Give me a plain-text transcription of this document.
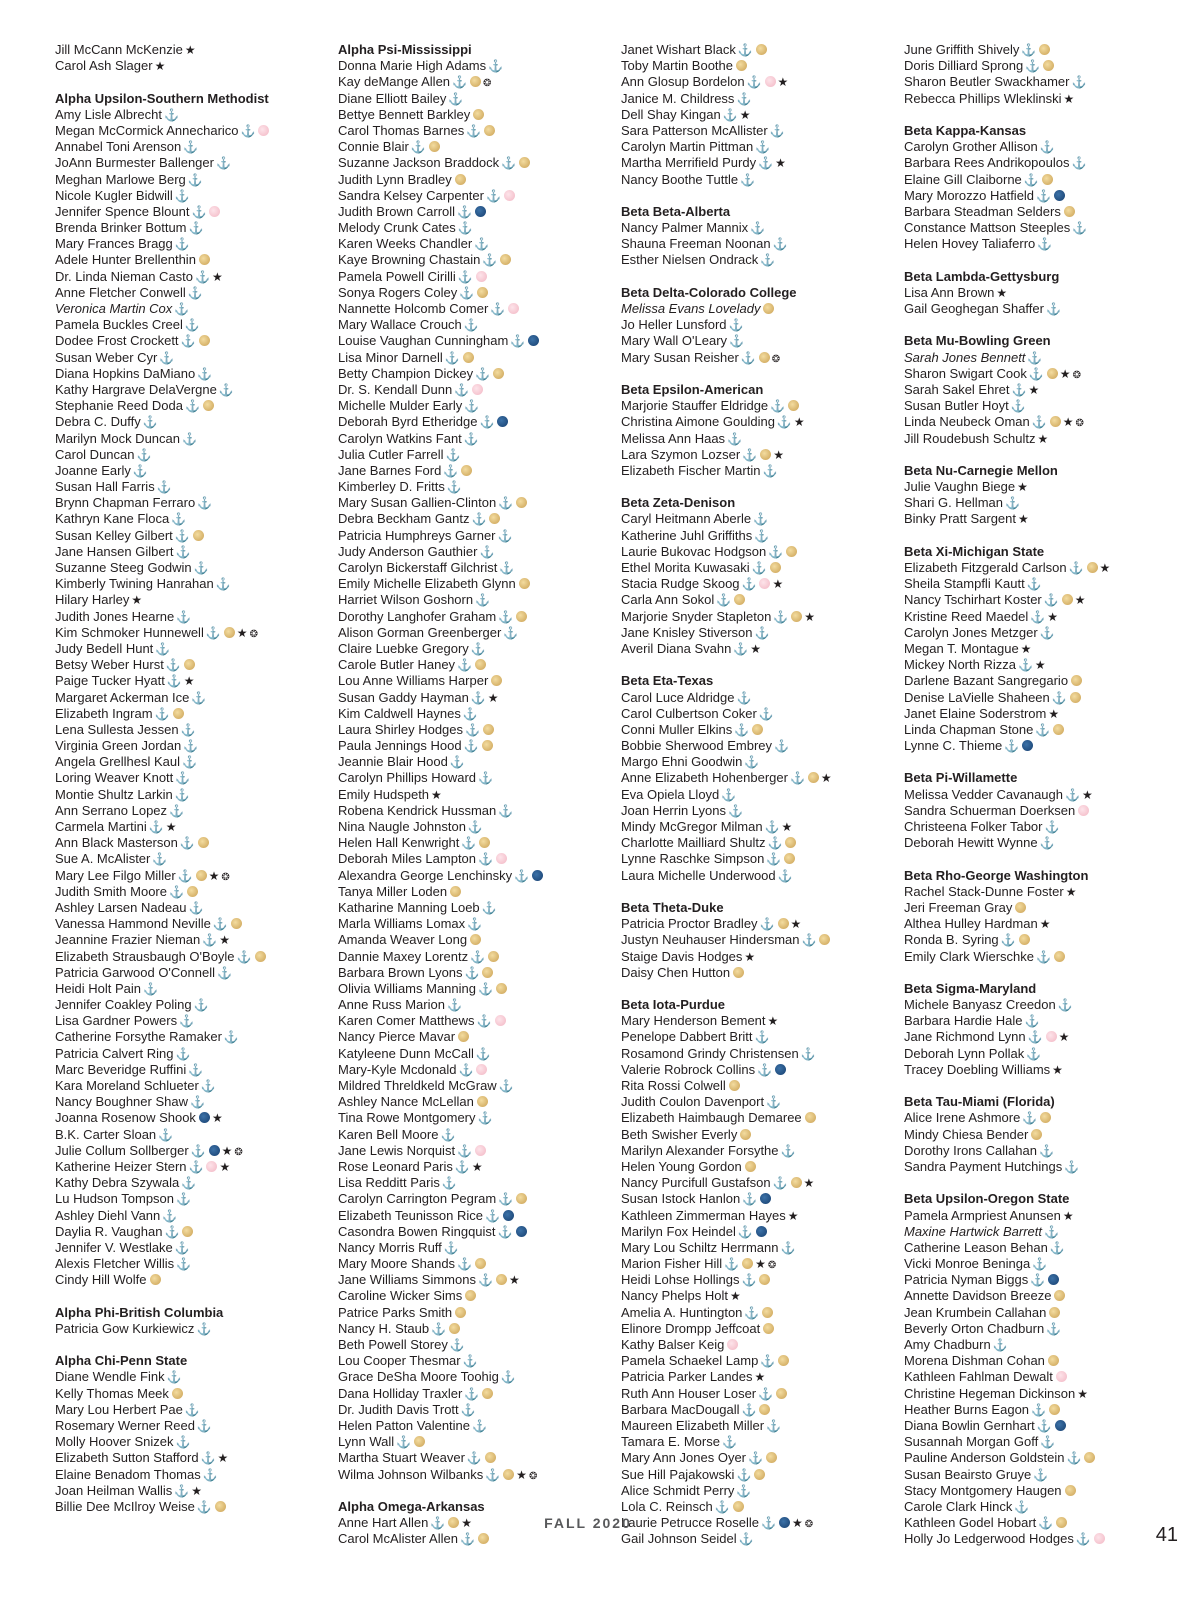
Jill McCann McKenzie ★
Carol Ash Slager ★
Alpha Upsilon-Southern Methodist
Amy Lisle Albrecht ⚓
Megan McCormick Annecharico ⚓
Annabel Toni Arenson ⚓
JoAnn Burmester Ballenger ⚓
Meghan Marlowe Berg ⚓
Nicole Kugler Bidwill ⚓
Jennifer Spence Blount ⚓
Brenda Brinker Bottum ⚓
Mary Frances Bragg ⚓
Adele Hunter Brellenthin
Dr. Linda Nieman Casto ⚓ ★
Anne Fletcher Conwell ⚓
Veronica Martin Cox ⚓
Pamela Buckles Creel ⚓
Dodee Frost Crockett ⚓
Susan Weber Cyr ⚓
Diana Hopkins DaMiano ⚓
Kathy Hargrave DelaVergne ⚓
Stephanie Reed Doda ⚓
Debra C. Duffy ⚓
Marilyn Mock Duncan ⚓
Carol Duncan ⚓
Joanne Early ⚓
Susan Hall Farris ⚓
Brynn Chapman Ferraro ⚓
Kathryn Kane Floca ⚓
Susan Kelley Gilbert ⚓
Jane Hansen Gilbert ⚓
Suzanne Steeg Godwin ⚓
Kimberly Twining Hanrahan ⚓
Hilary Harley ★
Judith Jones Hearne ⚓
Kim Schmoker Hunnewell ⚓ ★ ❂
Judy Bedell Hunt ⚓
Betsy Weber Hurst ⚓
Paige Tucker Hyatt ⚓ ★
Margaret Ackerman Ice ⚓
Elizabeth Ingram ⚓
Lena Sullesta Jessen ⚓
Virginia Green Jordan ⚓
Angela Grellhesl Kaul ⚓
Loring Weaver Knott ⚓
Montie Shultz Larkin ⚓
Ann Serrano Lopez ⚓
Carmela Martini ⚓ ★
Ann Black Masterson ⚓
Sue A. McAlister ⚓
Mary Lee Filgo Miller ⚓ ★ ❂
Judith Smith Moore ⚓
Ashley Larsen Nadeau ⚓
Vanessa Hammond Neville ⚓
Jeannine Frazier Nieman ⚓ ★
Elizabeth Strausbaugh O'Boyle ⚓
Patricia Garwood O'Connell ⚓
Heidi Holt Pain ⚓
Jennifer Coakley Poling ⚓
Lisa Gardner Powers ⚓
Catherine Forsythe Ramaker ⚓
Patricia Calvert Ring ⚓
Marc Beveridge Ruffini ⚓
Kara Moreland Schlueter ⚓
Nancy Boughner Shaw ⚓
Joanna Rosenow Shook ★
B.K. Carter Sloan ⚓
Julie Collum Sollberger ⚓ ★ ❂
Katherine Heizer Stern ⚓ ★
Kathy Debra Szywala ⚓
Lu Hudson Tompson ⚓
Ashley Diehl Vann ⚓
Daylia R. Vaughan ⚓
Jennifer V. Westlake ⚓
Alexis Fletcher Willis ⚓
Cindy Hill Wolfe
Alpha Phi-British Columbia
Patricia Gow Kurkiewicz ⚓
Alpha Chi-Penn State
Diane Wendle Fink ⚓
Kelly Thomas Meek
Mary Lou Herbert Pae ⚓
Rosemary Werner Reed ⚓
Molly Hoover Snizek ⚓
Elizabeth Sutton Stafford ⚓ ★
Elaine Benadom Thomas ⚓
Joan Heilman Wallis ⚓ ★
Billie Dee McIlroy Weise ⚓
Alpha Psi-Mississippi
Donna Marie High Adams ⚓
Kay deMange Allen ⚓ ❂
Diane Elliott Bailey ⚓
Bettye Bennett Barkley
Carol Thomas Barnes ⚓
Connie Blair ⚓
Suzanne Jackson Braddock ⚓
Judith Lynn Bradley
Sandra Kelsey Carpenter ⚓
Judith Brown Carroll ⚓
Melody Crunk Cates ⚓
Karen Weeks Chandler ⚓
Kaye Browning Chastain ⚓
Pamela Powell Cirilli ⚓
Sonya Rogers Coley ⚓
Nannette Holcomb Comer ⚓
Mary Wallace Crouch ⚓
Louise Vaughan Cunningham ⚓
Lisa Minor Darnell ⚓
Betty Champion Dickey ⚓
Dr. S. Kendall Dunn ⚓
Michelle Mulder Early ⚓
Deborah Byrd Etheridge ⚓
Carolyn Watkins Fant ⚓
Julia Cutler Farrell ⚓
Jane Barnes Ford ⚓
Kimberley D. Fritts ⚓
Mary Susan Gallien-Clinton ⚓
Debra Beckham Gantz ⚓
Patricia Humphreys Garner ⚓
Judy Anderson Gauthier ⚓
Carolyn Bickerstaff Gilchrist ⚓
Emily Michelle Elizabeth Glynn
Harriet Wilson Goshorn ⚓
Dorothy Langhofer Graham ⚓
Alison Gorman Greenberger ⚓
Claire Luebke Gregory ⚓
Carole Butler Haney ⚓
Lou Anne Williams Harper
Susan Gaddy Hayman ⚓ ★
Kim Caldwell Haynes ⚓
Laura Shirley Hodges ⚓
Paula Jennings Hood ⚓
Jeannie Blair Hood ⚓
Carolyn Phillips Howard ⚓
Emily Hudspeth ★
Robena Kendrick Hussman ⚓
Nina Naugle Johnston ⚓
Helen Hall Kenwright ⚓
Deborah Miles Lampton ⚓
Alexandra George Lenchinsky ⚓
Tanya Miller Loden
Katharine Manning Loeb ⚓
Marla Williams Lomax ⚓
Amanda Weaver Long
Dannie Maxey Lorentz ⚓
Barbara Brown Lyons ⚓
Olivia Williams Manning ⚓
Anne Russ Marion ⚓
Karen Comer Matthews ⚓
Nancy Pierce Mavar
Katyleene Dunn McCall ⚓
Mary-Kyle Mcdonald ⚓
Mildred Threldkeld McGraw ⚓
Ashley Nance McLellan
Tina Rowe Montgomery ⚓
Karen Bell Moore ⚓
Jane Lewis Norquist ⚓
Rose Leonard Paris ⚓ ★
Lisa Redditt Paris ⚓
Carolyn Carrington Pegram ⚓
Elizabeth Teunisson Rice ⚓
Casondra Bowen Ringquist ⚓
Nancy Morris Ruff ⚓
Mary Moore Shands ⚓
Jane Williams Simmons ⚓ ★
Caroline Wicker Sims
Patrice Parks Smith
Nancy H. Staub ⚓
Beth Powell Storey ⚓
Lou Cooper Thesmar ⚓
Grace DeSha Moore Toohig ⚓
Dana Holliday Traxler ⚓
Dr. Judith Davis Trott ⚓
Helen Patton Valentine ⚓
Lynn Wall ⚓
Martha Stuart Weaver ⚓
Wilma Johnson Wilbanks ⚓ ★ ❂
Alpha Omega-Arkansas
Anne Hart Allen ⚓ ★
Carol McAlister Allen ⚓
Janet Wishart Black ⚓
Toby Martin Boothe
Ann Glosup Bordelon ⚓ ★
Janice M. Childress ⚓
Dell Shay Kingan ⚓ ★
Sara Patterson McAllister ⚓
Carolyn Martin Pittman ⚓
Martha Merrifield Purdy ⚓ ★
Nancy Boothe Tuttle ⚓
Beta Beta-Alberta
Nancy Palmer Mannix ⚓
Shauna Freeman Noonan ⚓
Esther Nielsen Ondrack ⚓
Beta Delta-Colorado College
Melissa Evans Lovelady
Jo Heller Lunsford ⚓
Mary Wall O'Leary ⚓
Mary Susan Reisher ⚓ ❂
Beta Epsilon-American
Marjorie Stauffer Eldridge ⚓
Christina Aimone Goulding ⚓ ★
Melissa Ann Haas ⚓
Lara Szymon Lozser ⚓ ★
Elizabeth Fischer Martin ⚓
Beta Zeta-Denison
Caryl Heitmann Aberle ⚓
Katherine Juhl Griffiths ⚓
Laurie Bukovac Hodgson ⚓
Ethel Morita Kuwasaki ⚓
Stacia Rudge Skoog ⚓ ★
Carla Ann Sokol ⚓
Marjorie Snyder Stapleton ⚓ ★
Jane Knisley Stiverson ⚓
Averil Diana Svahn ⚓ ★
Beta Eta-Texas
Carol Luce Aldridge ⚓
Carol Culbertson Coker ⚓
Conni Muller Elkins ⚓
Bobbie Sherwood Embrey ⚓
Margo Ehni Goodwin ⚓
Anne Elizabeth Hohenberger ⚓ ★
Eva Opiela Lloyd ⚓
Joan Herrin Lyons ⚓
Mindy McGregor Milman ⚓ ★
Charlotte Mailliard Shultz ⚓
Lynne Raschke Simpson ⚓
Laura Michelle Underwood ⚓
Beta Theta-Duke
Patricia Proctor Bradley ⚓ ★
Justyn Neuhauser Hindersman ⚓
Staige Davis Hodges ★
Daisy Chen Hutton
Beta Iota-Purdue
Mary Henderson Bement ★
Penelope Dabbert Britt ⚓
Rosamond Grindy Christensen ⚓
Valerie Robrock Collins ⚓
Rita Rossi Colwell
Judith Coulon Davenport ⚓
Elizabeth Haimbaugh Demaree
Beth Swisher Everly
Marilyn Alexander Forsythe ⚓
Helen Young Gordon
Nancy Purcifull Gustafson ⚓ ★
Susan Istock Hanlon ⚓
Kathleen Zimmerman Hayes ★
Marilyn Fox Heindel ⚓
Mary Lou Schiltz Herrmann ⚓
Marion Fisher Hill ⚓ ★ ❂
Heidi Lohse Hollings ⚓
Nancy Phelps Holt ★
Amelia A. Huntington ⚓
Elinore Drompp Jeffcoat
Kathy Balser Keig
Pamela Schaekel Lamp ⚓
Patricia Parker Landes ★
Ruth Ann Houser Loser ⚓
Barbara MacDougall ⚓
Maureen Elizabeth Miller ⚓
Tamara E. Morse ⚓
Mary Ann Jones Oyer ⚓
Sue Hill Pajakowski ⚓
Alice Schmidt Perry ⚓
Lola C. Reinsch ⚓
Laurie Petrucce Roselle ⚓ ★ ❂
Gail Johnson Seidel ⚓
June Griffith Shively ⚓
Doris Dilliard Sprong ⚓
Sharon Beutler Swackhamer ⚓
Rebecca Phillips Wleklinski ★
Beta Kappa-Kansas
Carolyn Grother Allison ⚓
Barbara Rees Andrikopoulos ⚓
Elaine Gill Claiborne ⚓
Mary Morozzo Hatfield ⚓
Barbara Steadman Selders
Constance Mattson Steeples ⚓
Helen Hovey Taliaferro ⚓
Beta Lambda-Gettysburg
Lisa Ann Brown ★
Gail Geoghegan Shaffer ⚓
Beta Mu-Bowling Green
Sarah Jones Bennett ⚓
Sharon Swigart Cook ⚓ ★ ❂
Sarah Sakel Ehret ⚓ ★
Susan Butler Hoyt ⚓
Linda Neubeck Oman ⚓ ★ ❂
Jill Roudebush Schultz ★
Beta Nu-Carnegie Mellon
Julie Vaughn Biege ★
Shari G. Hellman ⚓
Binky Pratt Sargent ★
Beta Xi-Michigan State
Elizabeth Fitzgerald Carlson ⚓ ★
Sheila Stampfli Kautt ⚓
Nancy Tschirhart Koster ⚓ ★
Kristine Reed Maedel ⚓ ★
Carolyn Jones Metzger ⚓
Megan T. Montague ★
Mickey North Rizza ⚓ ★
Darlene Bazant Sangregario
Denise LaVielle Shaheen ⚓
Janet Elaine Soderstrom ★
Linda Chapman Stone ⚓
Lynne C. Thieme ⚓
Beta Pi-Willamette
Melissa Vedder Cavanaugh ⚓ ★
Sandra Schuerman Doerksen
Christeena Folker Tabor ⚓
Deborah Hewitt Wynne ⚓
Beta Rho-George Washington
Rachel Stack-Dunne Foster ★
Jeri Freeman Gray
Althea Hulley Hardman ★
Ronda B. Syring ⚓
Emily Clark Wierschke ⚓
Beta Sigma-Maryland
Michele Banyasz Creedon ⚓
Barbara Hardie Hale ⚓
Jane Richmond Lynn ⚓ ★
Deborah Lynn Pollak ⚓
Tracey Doebling Williams ★
Beta Tau-Miami (Florida)
Alice Irene Ashmore ⚓
Mindy Chiesa Bender
Dorothy Irons Callahan ⚓
Sandra Payment Hutchings ⚓
Beta Upsilon-Oregon State
Pamela Armpriest Anunsen ★
Maxine Hartwick Barrett ⚓
Catherine Leason Behan ⚓
Vicki Monroe Beninga ⚓
Patricia Nyman Biggs ⚓
Annette Davidson Breeze
Jean Krumbein Callahan
Beverly Orton Chadburn ⚓
Amy Chadburn ⚓
Morena Dishman Cohan
Kathleen Fahlman Dewalt
Christine Hegeman Dickinson ★
Heather Burns Eagon ⚓
Diana Bowlin Gernhart ⚓
Susannah Morgan Goff ⚓
Pauline Anderson Goldstein ⚓
Susan Beairsto Gruye ⚓
Stacy Montgomery Haugen
Carole Clark Hinck ⚓
Kathleen Godel Hobart ⚓
Holly Jo Ledgerwood Hodges ⚓
FALL 2020
41
